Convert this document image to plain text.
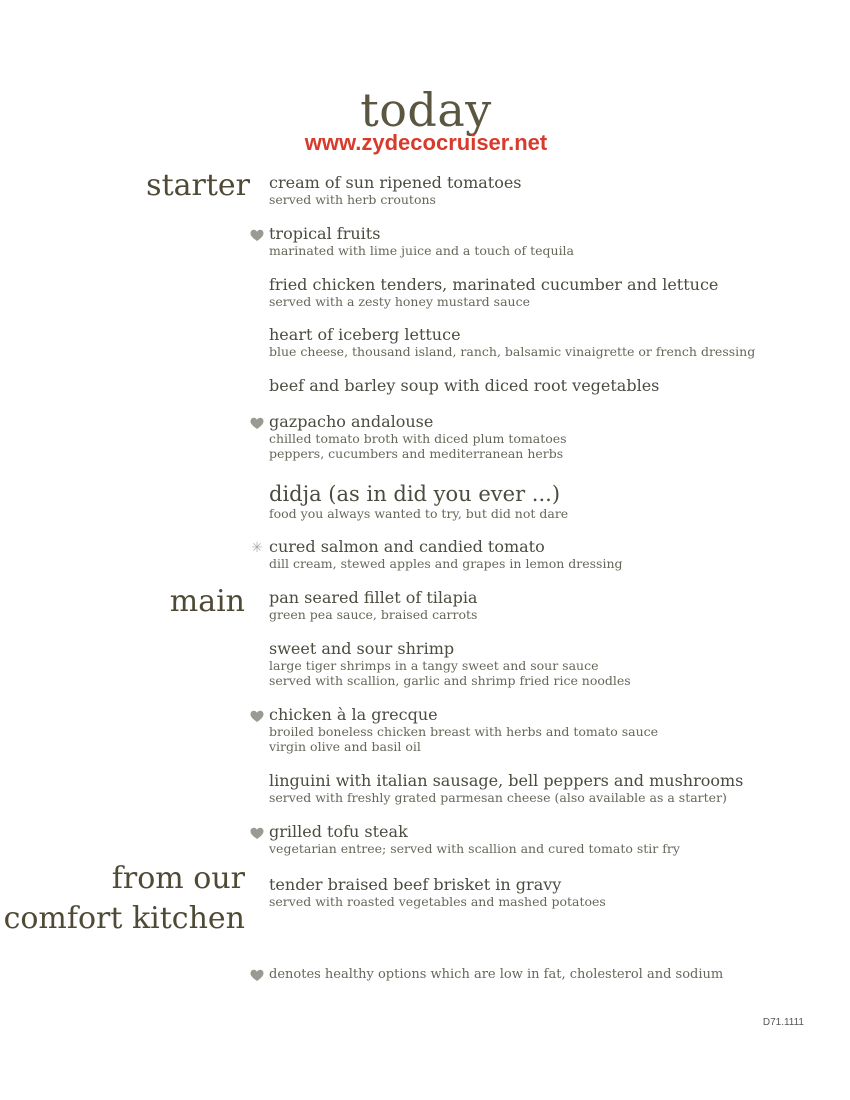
today
www.zydecocruiser.net
starter
main
from our
comfort kitchen
cream of sun ripened tomatoes
served with herb croutons
tropical fruits
marinated with lime juice and a touch of tequila
fried chicken tenders, marinated cucumber and lettuce
served with a zesty honey mustard sauce
heart of iceberg lettuce
blue cheese, thousand island, ranch, balsamic vinaigrette or french dressing
beef and barley soup with diced root vegetables
gazpacho andalouse
chilled tomato broth with diced plum tomatoes
peppers, cucumbers and mediterranean herbs
didja (as in did you ever ...)
food you always wanted to try, but did not dare
cured salmon and candied tomato
dill cream, stewed apples and grapes in lemon dressing
✳
pan seared fillet of tilapia
green pea sauce, braised carrots
sweet and sour shrimp
large tiger shrimps in a tangy sweet and sour sauce
served with scallion, garlic and shrimp fried rice noodles
chicken à la grecque
broiled boneless chicken breast with herbs and tomato sauce
virgin olive and basil oil
linguini with italian sausage, bell peppers and mushrooms
served with freshly grated parmesan cheese (also available as a starter)
grilled tofu steak
vegetarian entree; served with scallion and cured tomato stir fry
tender braised beef brisket in gravy
served with roasted vegetables and mashed potatoes
denotes healthy options which are low in fat, cholesterol and sodium
D71.1111
